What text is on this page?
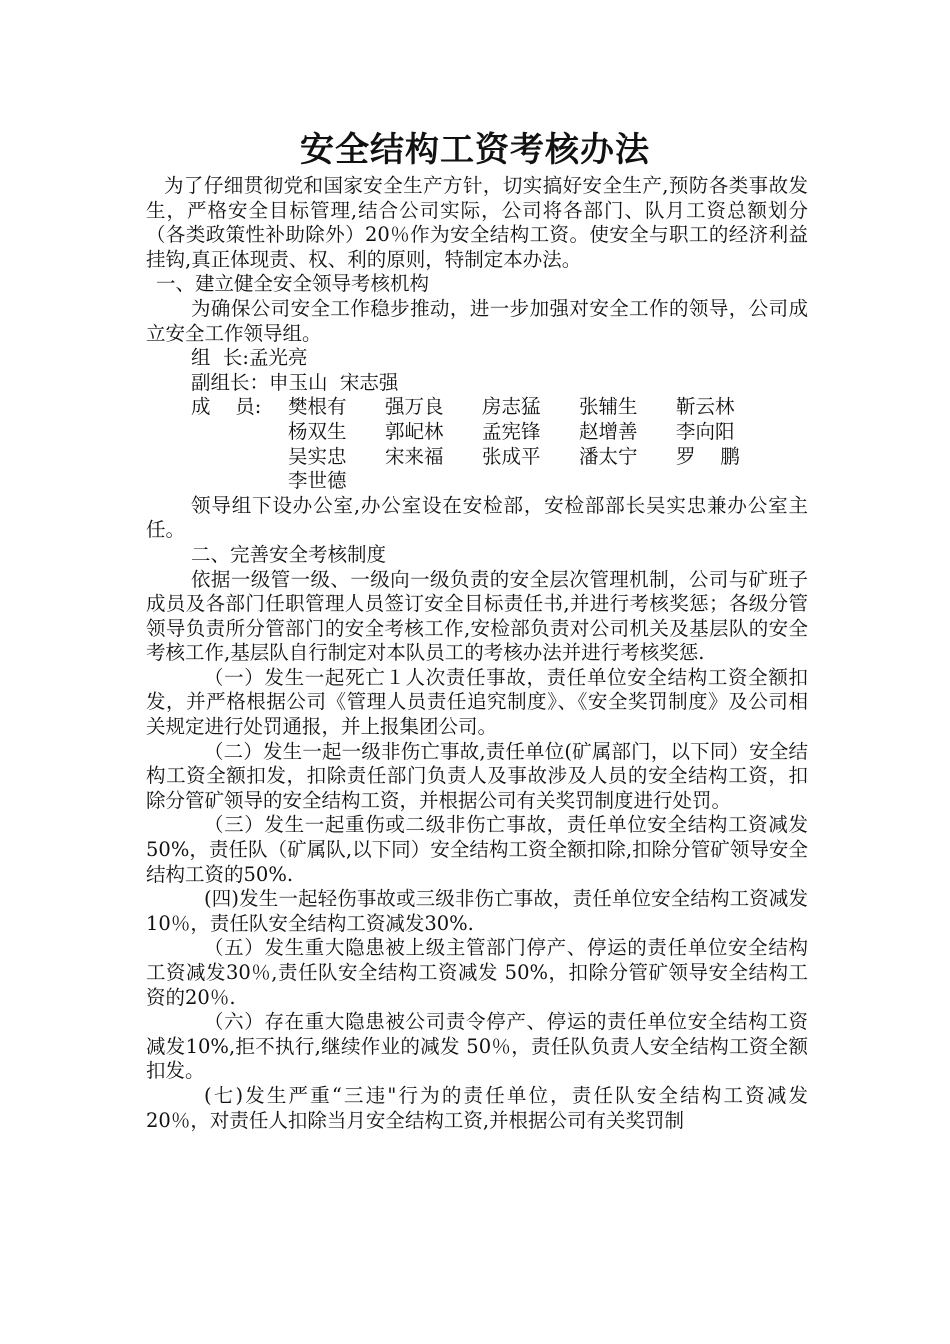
安全结构工资考核办法

为了仔细贯彻党和国家安全生产方针，切实搞好安全生产,预防各类事故发生，严格安全目标管理,结合公司实际，公司将各部门、队月工资总额划分（各类政策性补助除外）20％作为安全结构工资。使安全与职工的经济利益挂钩,真正体现责、权、利的原则，特制定本办法。

一、建立健全安全领导考核机构

为确保公司安全工作稳步推动，进一步加强对安全工作的领导，公司成立安全工作领导组。

组  长:孟光亮

副组长：申玉山  宋志强

成    员:	樊根有	强万良	房志猛	张辅生	靳云林
杨双生	郭屺林	孟宪锋	赵增善	李向阳
吴实忠	宋来福	张成平	潘太宁	罗    鹏
李世德

领导组下设办公室,办公室设在安检部，安检部部长吴实忠兼办公室主任。

二、完善安全考核制度

依据一级管一级、一级向一级负责的安全层次管理机制，公司与矿班子成员及各部门任职管理人员签订安全目标责任书,并进行考核奖惩；各级分管领导负责所分管部门的安全考核工作,安检部负责对公司机关及基层队的安全考核工作,基层队自行制定对本队员工的考核办法并进行考核奖惩.

（一）发生一起死亡１人次责任事故，责任单位安全结构工资全额扣发，并严格根据公司《管理人员责任追究制度》、《安全奖罚制度》及公司相关规定进行处罚通报，并上报集团公司。

（二）发生一起一级非伤亡事故,责任单位(矿属部门，以下同）安全结构工资全额扣发，扣除责任部门负责人及事故涉及人员的安全结构工资，扣除分管矿领导的安全结构工资，并根据公司有关奖罚制度进行处罚。

（三）发生一起重伤或二级非伤亡事故，责任单位安全结构工资减发50%，责任队（矿属队,以下同）安全结构工资全额扣除,扣除分管矿领导安全结构工资的50%.

(四)发生一起轻伤事故或三级非伤亡事故，责任单位安全结构工资减发10％，责任队安全结构工资减发30%.

（五）发生重大隐患被上级主管部门停产、停运的责任单位安全结构工资减发30％,责任队安全结构工资减发 50%，扣除分管矿领导安全结构工资的20％.

（六）存在重大隐患被公司责令停产、停运的责任单位安全结构工资减发10%,拒不执行,继续作业的减发 50％，责任队负责人安全结构工资全额扣发。

(七)发生严重“三违"行为的责任单位，责任队安全结构工资减发20％，对责任人扣除当月安全结构工资,并根据公司有关奖罚制
